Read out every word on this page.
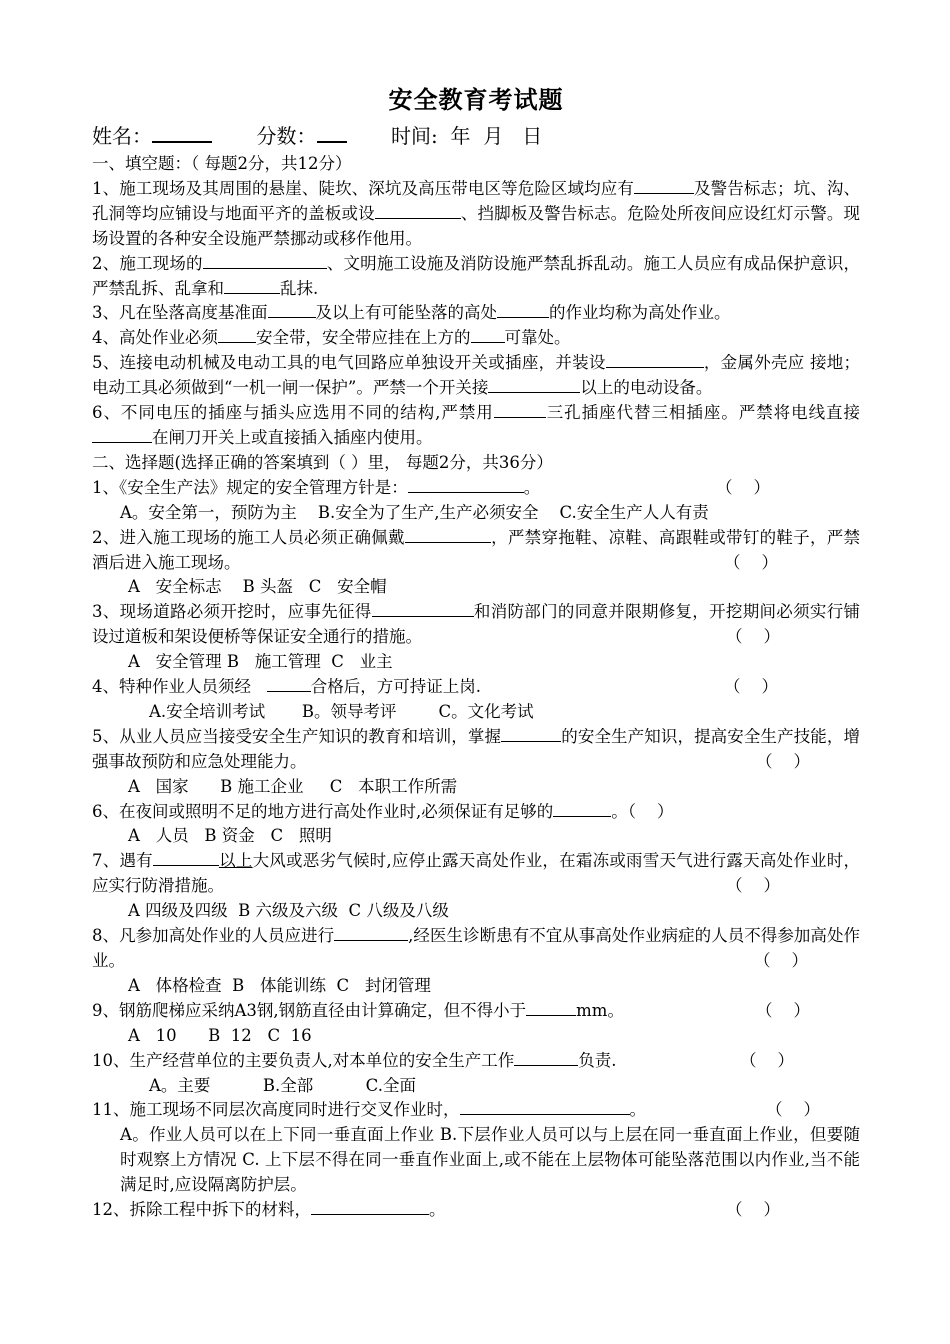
安全教育考试题
姓名：	分数：	时间:  年  月   日
一、填空题：（ 每题2分，共12分）
1、施工现场及其周围的悬崖、陡坎、深坑及高压带电区等危险区域均应有	及警告标志；坑、沟、孔洞等均应铺设与地面平齐的盖板或设	、挡脚板及警告标志。危险处所夜间应设红灯示警。现场设置的各种安全设施严禁挪动或移作他用。
2、施工现场的	、文明施工设施及消防设施严禁乱拆乱动。施工人员应有成品保护意识，严禁乱拆、乱拿和	乱抹.
3、凡在坠落高度基准面	及以上有可能坠落的高处	的作业均称为高处作业。
4、高处作业必须 安全带，安全带应挂在上方的 可靠处。
5、连接电动机械及电动工具的电气回路应单独设开关或插座，并装设	，金属外壳应 接地；电动工具必须做到“一机一闸一保护”。严禁一个开关接	以上的电动设备。
6、不同电压的插座与插头应选用不同的结构,严禁用	三孔插座代替三相插座。严禁将电线直接在闸刀开关上或直接插入插座内使用。
二、选择题(选择正确的答案填到（ ）里， 每题2分，共36分）
（    ）
1、《安全生产法》规定的安全管理方针是：	。
A。安全第一，预防为主    B.安全为了生产,生产必须安全    C.安全生产人人有责
2、进入施工现场的施工人员必须正确佩戴	，严禁穿拖鞋、凉鞋、高跟鞋或带钉的鞋子，严禁酒后进入施工现场。	（    ）
A   安全标志    B 头盔   C   安全帽
3、现场道路必须开挖时，应事先征得	和消防部门的同意并限期修复，开挖期间必须实行铺设过道板和架设便桥等保证安全通行的措施。	（    ）
A   安全管理 B   施工管理  C   业主
（    ）
4、特种作业人员须经	合格后，方可持证上岗.
A.安全培训考试       B。领导考评        C。文化考试
5、从业人员应当接受安全生产知识的教育和培训，掌握	的安全生产知识，提高安全生产技能，增强事故预防和应急处理能力。	（    ）
A   国家      B 施工企业     C   本职工作所需
6、在夜间或照明不足的地方进行高处作业时,必须保证有足够的	。（    ）
A   人员   B 资金   C   照明
7、遇有	以上大风或恶劣气候时,应停止露天高处作业，在霜冻或雨雪天气进行露天高处作业时，应实行防滑措施。	（    ）
A 四级及四级  B 六级及六级  C 八级及八级
8、凡参加高处作业的人员应进行	,经医生诊断患有不宜从事高处作业病症的人员不得参加高处作业。	（    ）
A   体格检查  B   体能训练  C   封闭管理
（    ）
9、钢筋爬梯应采纳A3钢,钢筋直径由计算确定，但不得小于	mm。
A   10      B  12   C  16
（    ）
10、生产经营单位的主要负责人,对本单位的安全生产工作	负责.
A。主要          B.全部          C.全面
（    ）
11、施工现场不同层次高度同时进行交叉作业时，	。
A。作业人员可以在上下同一垂直面上作业 B.下层作业人员可以与上层在同一垂直面上作业，但要随时观察上方情况 C. 上下层不得在同一垂直作业面上,或不能在上层物体可能坠落范围以内作业,当不能满足时,应设隔离防护层。
（    ）
12、拆除工程中拆下的材料，	。
